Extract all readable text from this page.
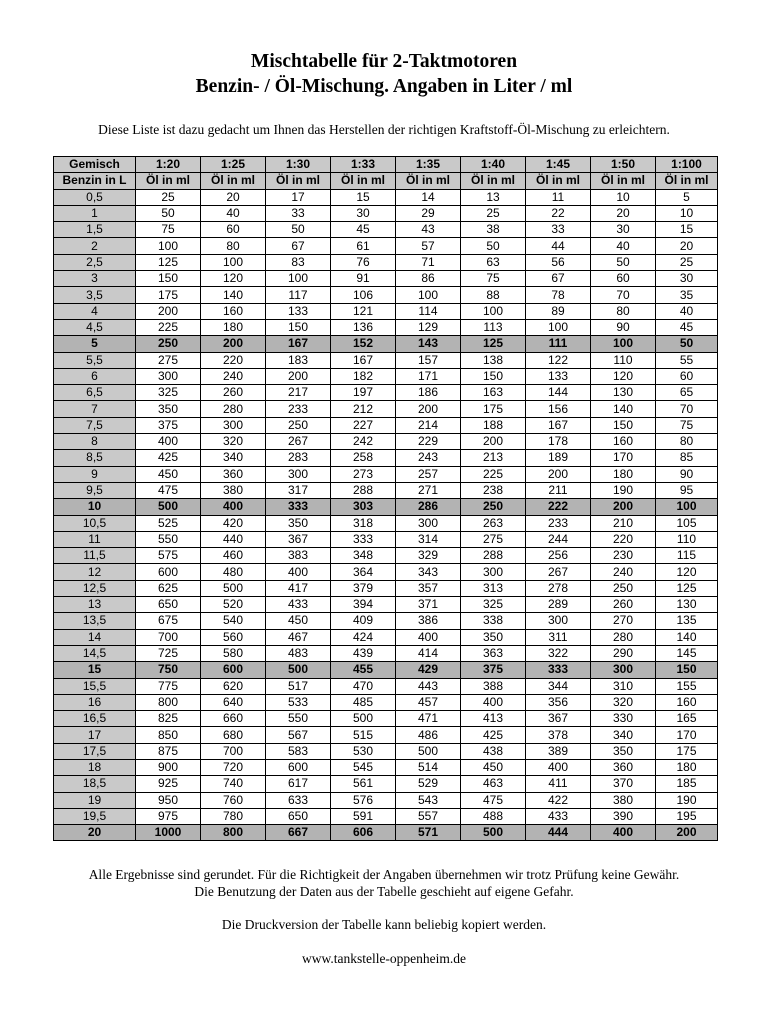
Mischtabelle für 2-Taktmotoren
Benzin- / Öl-Mischung. Angaben in Liter / ml
Diese Liste ist dazu gedacht um Ihnen das Herstellen der richtigen Kraftstoff-Öl-Mischung zu erleichtern.
Gemisch	1:20	1:25	1:30	1:33	1:35	1:40	1:45	1:50	1:100
Benzin in L	Öl in ml	Öl in ml	Öl in ml	Öl in ml	Öl in ml	Öl in ml	Öl in ml	Öl in ml	Öl in ml
0,5	25	20	17	15	14	13	11	10	5
1	50	40	33	30	29	25	22	20	10
1,5	75	60	50	45	43	38	33	30	15
2	100	80	67	61	57	50	44	40	20
2,5	125	100	83	76	71	63	56	50	25
3	150	120	100	91	86	75	67	60	30
3,5	175	140	117	106	100	88	78	70	35
4	200	160	133	121	114	100	89	80	40
4,5	225	180	150	136	129	113	100	90	45
5	250	200	167	152	143	125	111	100	50
5,5	275	220	183	167	157	138	122	110	55
6	300	240	200	182	171	150	133	120	60
6,5	325	260	217	197	186	163	144	130	65
7	350	280	233	212	200	175	156	140	70
7,5	375	300	250	227	214	188	167	150	75
8	400	320	267	242	229	200	178	160	80
8,5	425	340	283	258	243	213	189	170	85
9	450	360	300	273	257	225	200	180	90
9,5	475	380	317	288	271	238	211	190	95
10	500	400	333	303	286	250	222	200	100
10,5	525	420	350	318	300	263	233	210	105
11	550	440	367	333	314	275	244	220	110
11,5	575	460	383	348	329	288	256	230	115
12	600	480	400	364	343	300	267	240	120
12,5	625	500	417	379	357	313	278	250	125
13	650	520	433	394	371	325	289	260	130
13,5	675	540	450	409	386	338	300	270	135
14	700	560	467	424	400	350	311	280	140
14,5	725	580	483	439	414	363	322	290	145
15	750	600	500	455	429	375	333	300	150
15,5	775	620	517	470	443	388	344	310	155
16	800	640	533	485	457	400	356	320	160
16,5	825	660	550	500	471	413	367	330	165
17	850	680	567	515	486	425	378	340	170
17,5	875	700	583	530	500	438	389	350	175
18	900	720	600	545	514	450	400	360	180
18,5	925	740	617	561	529	463	411	370	185
19	950	760	633	576	543	475	422	380	190
19,5	975	780	650	591	557	488	433	390	195
20	1000	800	667	606	571	500	444	400	200
Alle Ergebnisse sind gerundet. Für die Richtigkeit der Angaben übernehmen wir trotz Prüfung keine Gewähr.
Die Benutzung der Daten aus der Tabelle geschieht auf eigene Gefahr.
Die Druckversion der Tabelle kann beliebig kopiert werden.
www.tankstelle-oppenheim.de
